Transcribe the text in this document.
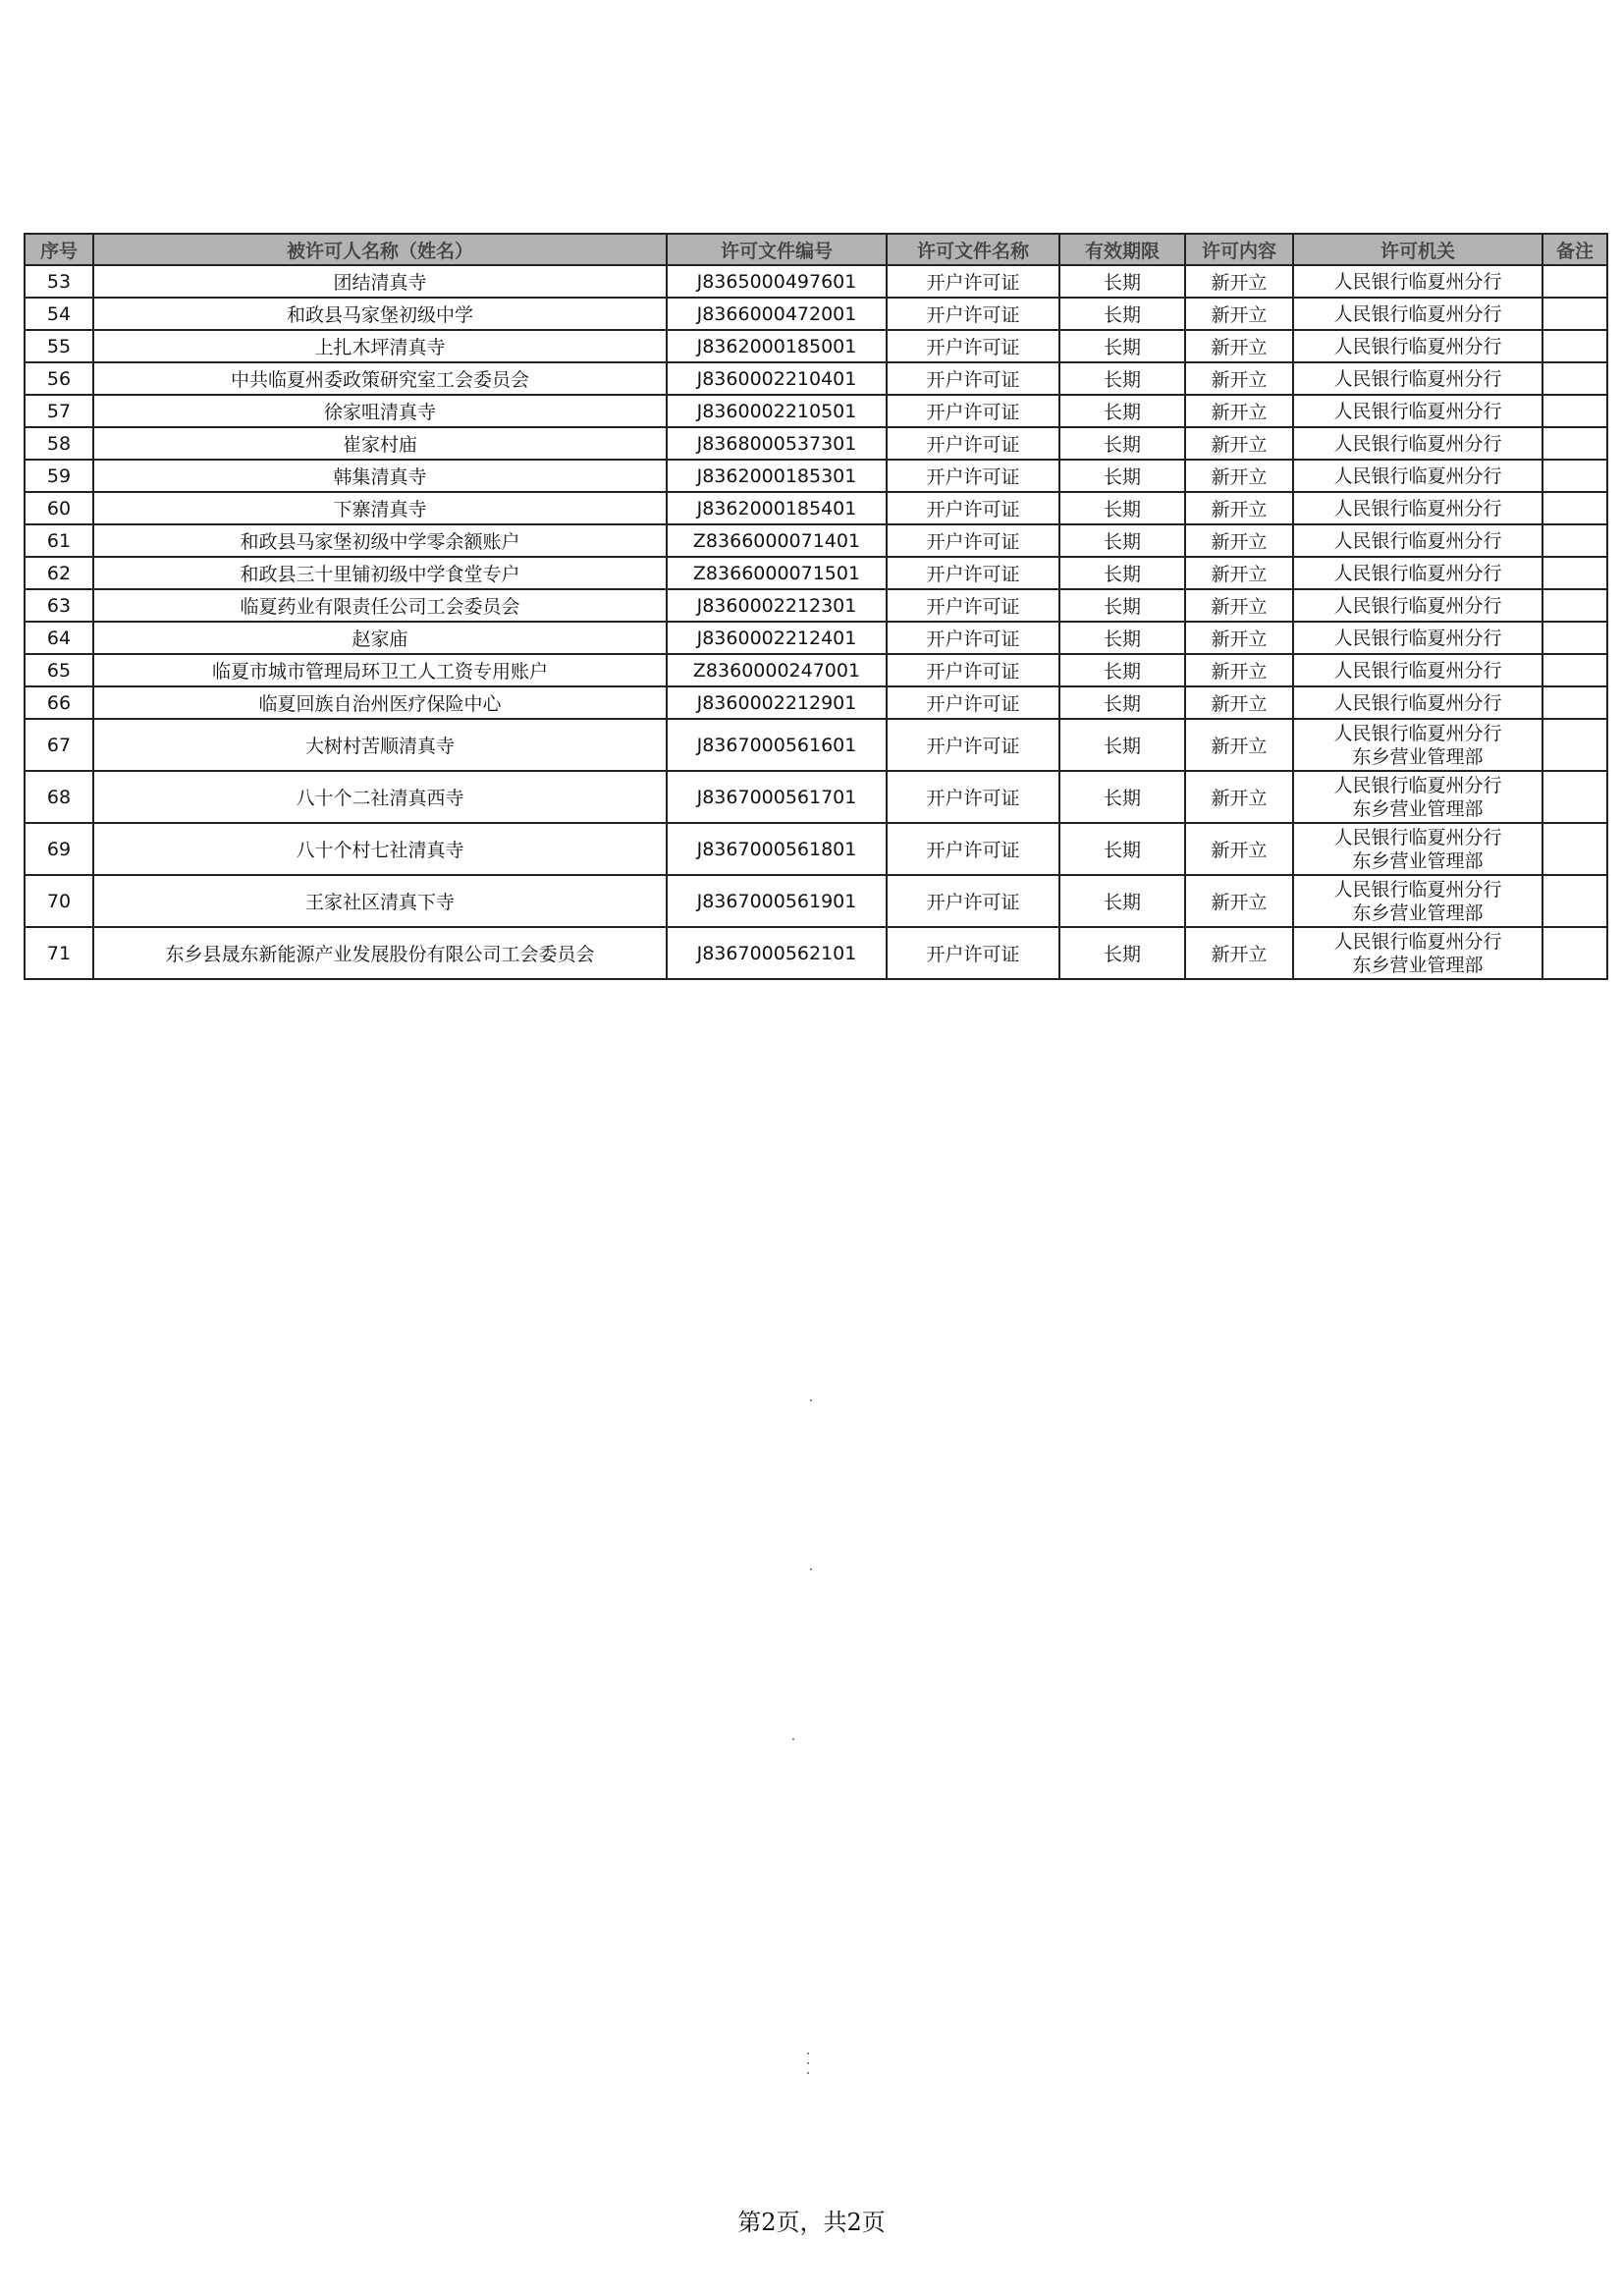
序号	被许可人名称（姓名）	许可文件编号	许可文件名称	有效期限	许可内容	许可机关	备注
53	团结清真寺	J8365000497601	开户许可证	长期	新开立	人民银行临夏州分行	

54	和政县马家堡初级中学	J8366000472001	开户许可证	长期	新开立	人民银行临夏州分行	

55	上扎木坪清真寺	J8362000185001	开户许可证	长期	新开立	人民银行临夏州分行	

56	中共临夏州委政策研究室工会委员会	J8360002210401	开户许可证	长期	新开立	人民银行临夏州分行	

57	徐家咀清真寺	J8360002210501	开户许可证	长期	新开立	人民银行临夏州分行	

58	崔家村庙	J8368000537301	开户许可证	长期	新开立	人民银行临夏州分行	

59	韩集清真寺	J8362000185301	开户许可证	长期	新开立	人民银行临夏州分行	

60	下寨清真寺	J8362000185401	开户许可证	长期	新开立	人民银行临夏州分行	

61	和政县马家堡初级中学零余额账户	Z8366000071401	开户许可证	长期	新开立	人民银行临夏州分行	

62	和政县三十里铺初级中学食堂专户	Z8366000071501	开户许可证	长期	新开立	人民银行临夏州分行	

63	临夏药业有限责任公司工会委员会	J8360002212301	开户许可证	长期	新开立	人民银行临夏州分行	

64	赵家庙	J8360002212401	开户许可证	长期	新开立	人民银行临夏州分行	

65	临夏市城市管理局环卫工人工资专用账户	Z8360000247001	开户许可证	长期	新开立	人民银行临夏州分行	

66	临夏回族自治州医疗保险中心	J8360002212901	开户许可证	长期	新开立	人民银行临夏州分行	

67	大树村苦顺清真寺	J8367000561601	开户许可证	长期	新开立	人民银行临夏州分行
东乡营业管理部	

68	八十个二社清真西寺	J8367000561701	开户许可证	长期	新开立	人民银行临夏州分行
东乡营业管理部	

69	八十个村七社清真寺	J8367000561801	开户许可证	长期	新开立	人民银行临夏州分行
东乡营业管理部	

70	王家社区清真下寺	J8367000561901	开户许可证	长期	新开立	人民银行临夏州分行
东乡营业管理部	

71	东乡县晟东新能源产业发展股份有限公司工会委员会	J8367000562101	开户许可证	长期	新开立	人民银行临夏州分行
东乡营业管理部	

第2页，共2页
